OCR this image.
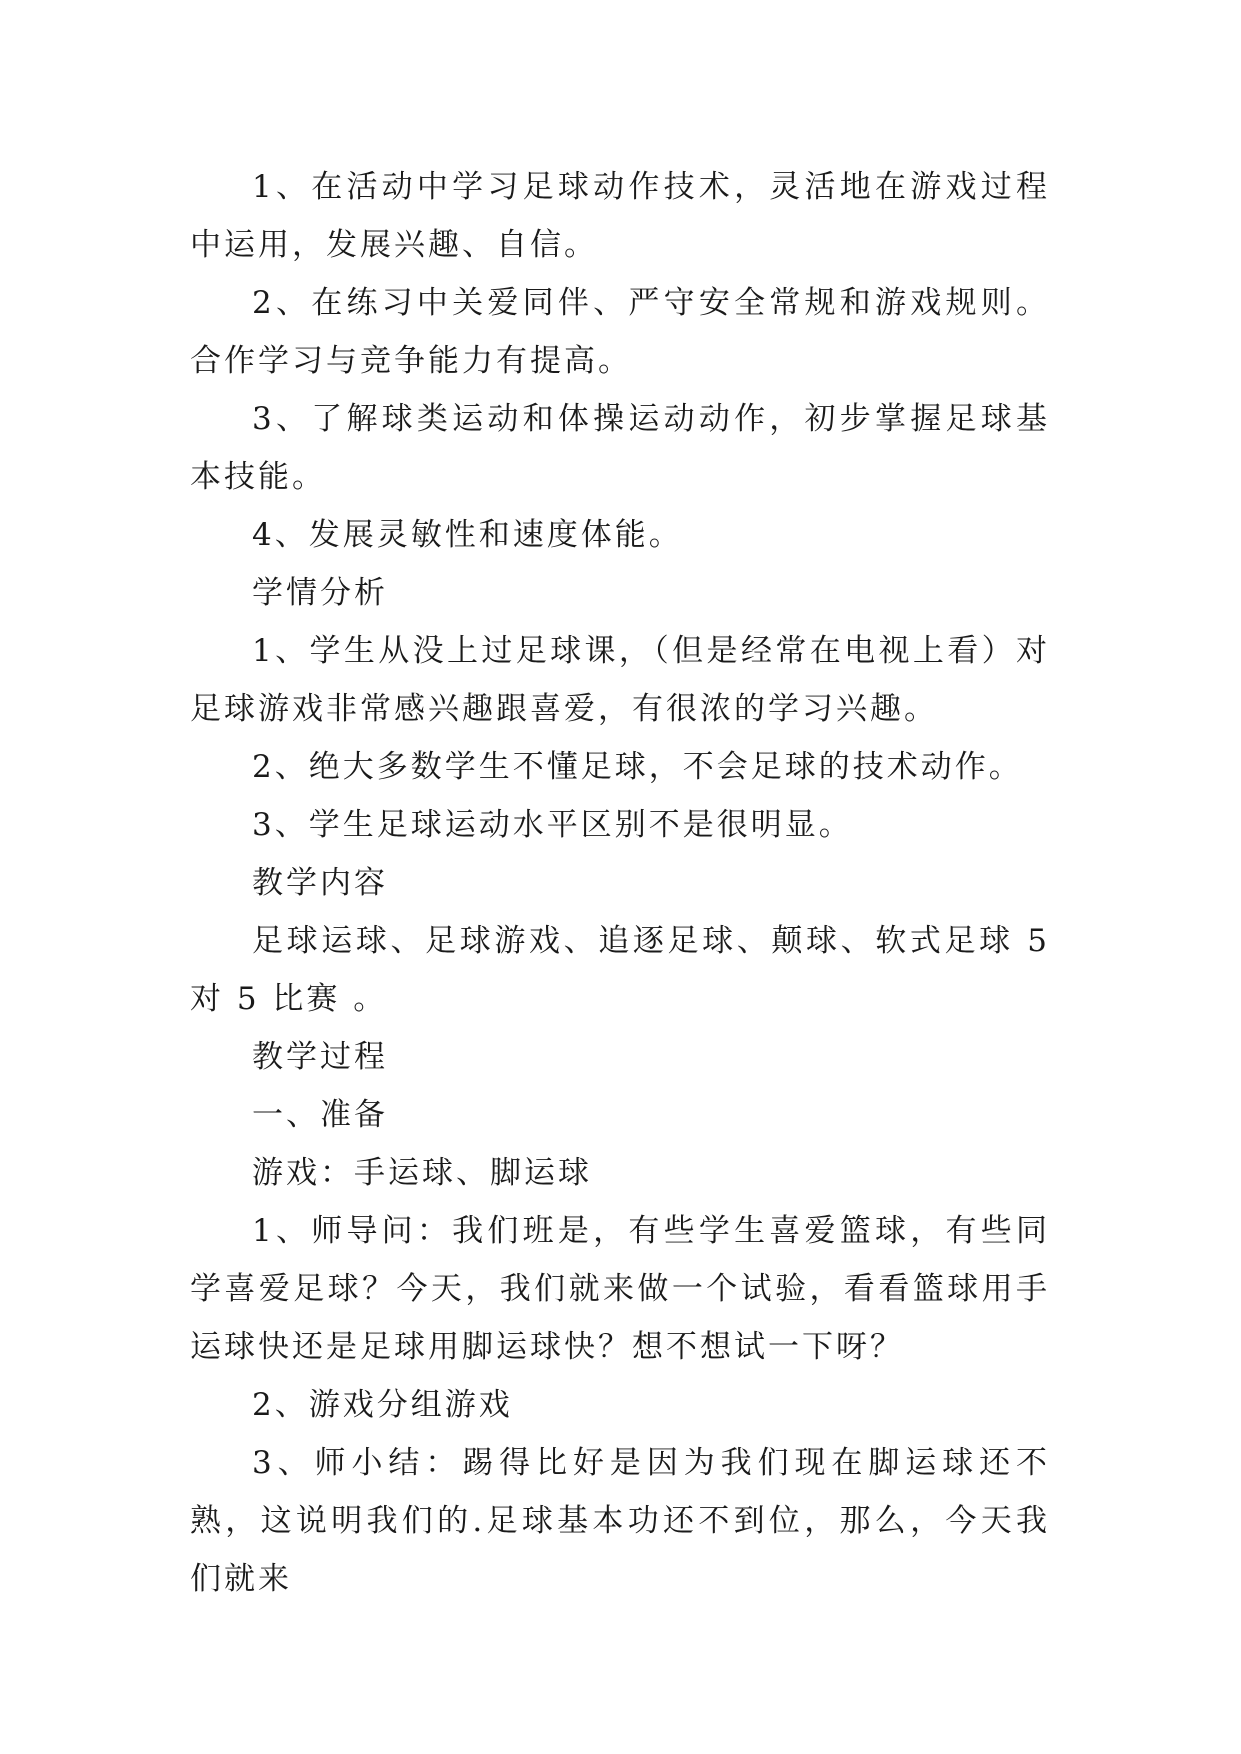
1、在活动中学习足球动作技术，灵活地在游戏过程中运用，发展兴趣、自信。

2、在练习中关爱同伴、严守安全常规和游戏规则。合作学习与竞争能力有提高。

3、了解球类运动和体操运动动作，初步掌握足球基本技能。

4、发展灵敏性和速度体能。

学情分析

1、学生从没上过足球课，（但是经常在电视上看）对足球游戏非常感兴趣跟喜爱，有很浓的学习兴趣。

2、绝大多数学生不懂足球，不会足球的技术动作。

3、学生足球运动水平区别不是很明显。

教学内容

足球运球、足球游戏、追逐足球、颠球、软式足球 5 对 5 比赛 。

教学过程

一、准备

游戏：手运球、脚运球

1、师导问：我们班是，有些学生喜爱篮球，有些同学喜爱足球？今天，我们就来做一个试验，看看篮球用手运球快还是足球用脚运球快？想不想试一下呀？

2、游戏分组游戏

3、师小结：踢得比好是因为我们现在脚运球还不熟，这说明我们的.足球基本功还不到位，那么，今天我们就来
